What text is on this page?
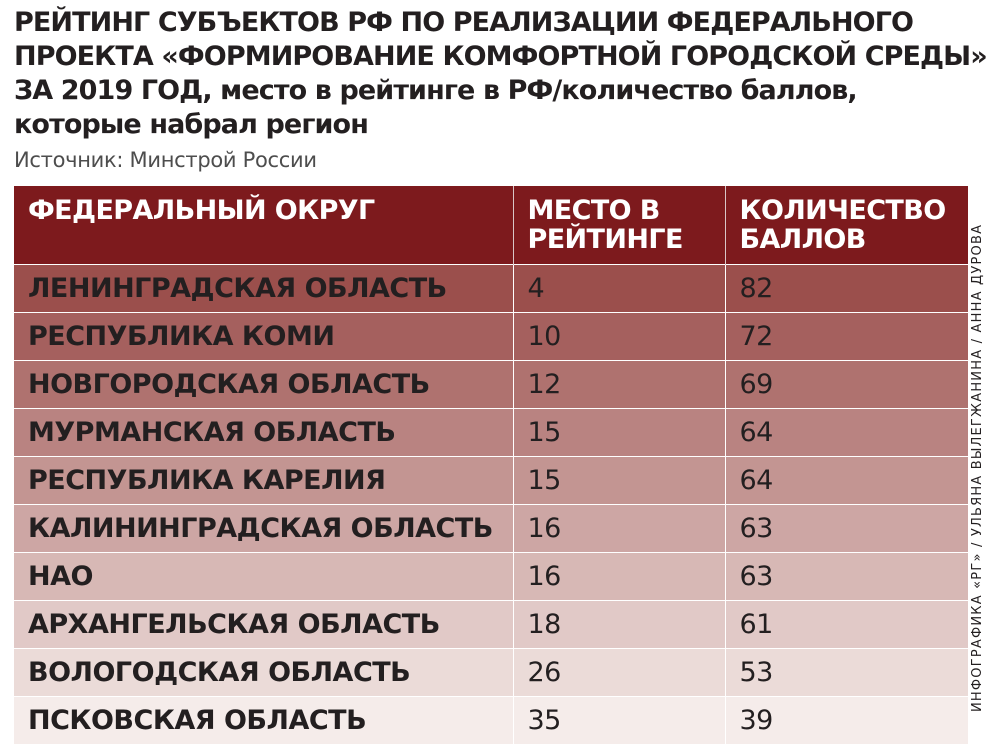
РЕЙТИНГ СУБЪЕКТОВ РФ ПО РЕАЛИЗАЦИИ ФЕДЕРАЛЬНОГО
ПРОЕКТА «ФОРМИРОВАНИЕ КОМФОРТНОЙ ГОРОДСКОЙ СРЕДЫ»
ЗА 2019 ГОД, место в рейтинге в РФ/количество баллов,
которые набрал регион
Источник: Минстрой России
ФЕДЕРАЛЬНЫЙ ОКРУГ	МЕСТО В РЕЙТИНГЕ	КОЛИЧЕСТВО БАЛЛОВ

ЛЕНИНГРАДСКАЯ ОБЛАСТЬ	4	82
РЕСПУБЛИКА КОМИ	10	72
НОВГОРОДСКАЯ ОБЛАСТЬ	12	69
МУРМАНСКАЯ ОБЛАСТЬ	15	64
РЕСПУБЛИКА КАРЕЛИЯ	15	64
КАЛИНИНГРАДСКАЯ ОБЛАСТЬ	16	63
НАО	16	63
АРХАНГЕЛЬСКАЯ ОБЛАСТЬ	18	61
ВОЛОГОДСКАЯ ОБЛАСТЬ	26	53
ПСКОВСКАЯ ОБЛАСТЬ	35	39
ИНФОГРАФИКА «РГ» / УЛЬЯНА ВЫЛЕГЖАНИНА / АННА ДУРОВА
